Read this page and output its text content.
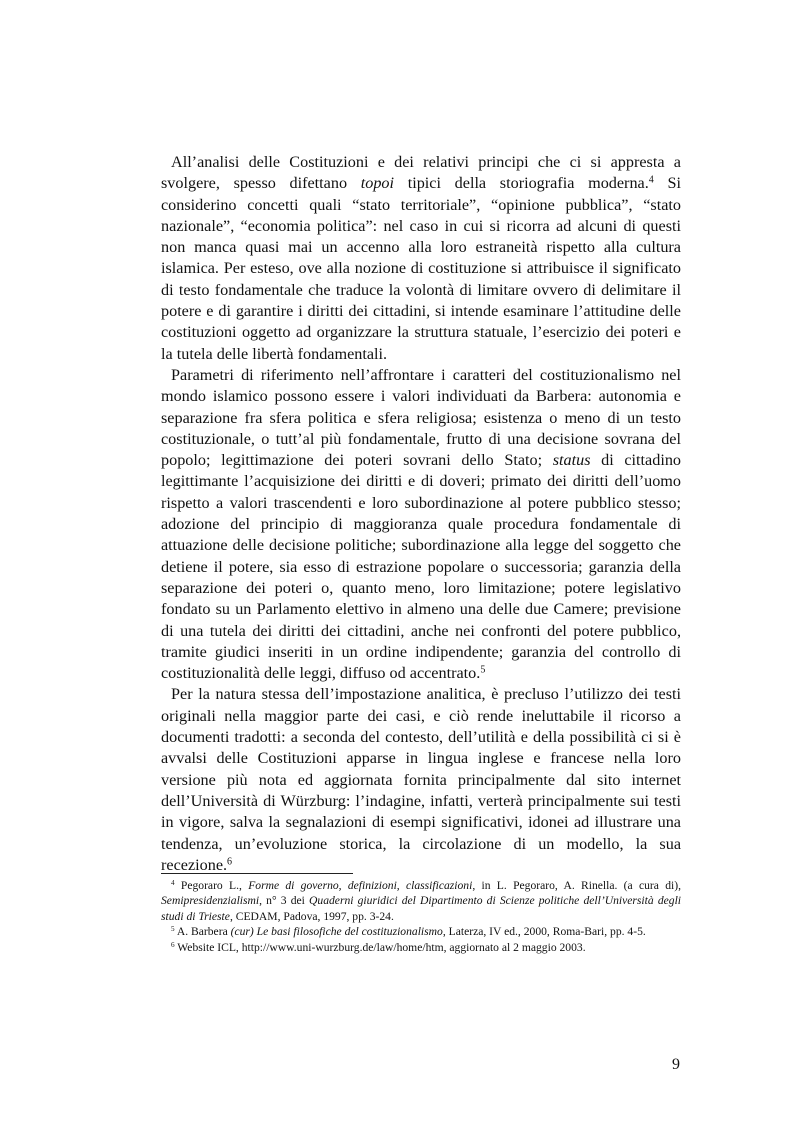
All’analisi delle Costituzioni e dei relativi principi che ci si appresta a svolgere, spesso difettano topoi tipici della storiografia moderna.$^4$ Si considerino concetti quali “stato territoriale”, “opinione pubblica”, “stato nazionale”, “economia politica”: nel caso in cui si ricorra ad alcuni di questi non manca quasi mai un accenno alla loro estraneità rispetto alla cultura islamica. Per esteso, ove alla nozione di costituzione si attribuisce il significato di testo fondamentale che traduce la volontà di limitare ovvero di delimitare il potere e di garantire i diritti dei cittadini, si intende esaminare l’attitudine delle costituzioni oggetto ad organizzare la struttura statuale, l’esercizio dei poteri e la tutela delle libertà fondamentali.

Parametri di riferimento nell’affrontare i caratteri del costituzionalismo nel mondo islamico possono essere i valori individuati da Barbera: autonomia e separazione fra sfera politica e sfera religiosa; esistenza o meno di un testo costituzionale, o tutt’al più fondamentale, frutto di una decisione sovrana del popolo; legittimazione dei poteri sovrani dello Stato; status di cittadino legittimante l’acquisizione dei diritti e di doveri; primato dei diritti dell’uomo rispetto a valori trascendenti e loro subordinazione al potere pubblico stesso; adozione del principio di maggioranza quale procedura fondamentale di attuazione delle decisione politiche; subordinazione alla legge del soggetto che detiene il potere, sia esso di estrazione popolare o successoria; garanzia della separazione dei poteri o, quanto meno, loro limitazione; potere legislativo fondato su un Parlamento elettivo in almeno una delle due Camere; previsione di una tutela dei diritti dei cittadini, anche nei confronti del potere pubblico, tramite giudici inseriti in un ordine indipendente; garanzia del controllo di costituzionalità delle leggi, diffuso od accentrato.$^5$

Per la natura stessa dell’impostazione analitica, è precluso l’utilizzo dei testi originali nella maggior parte dei casi, e ciò rende ineluttabile il ricorso a documenti tradotti: a seconda del contesto, dell’utilità e della possibilità ci si è avvalsi delle Costituzioni apparse in lingua inglese e francese nella loro versione più nota ed aggiornata fornita principalmente dal sito internet dell’Università di Würzburg: l’indagine, infatti, verterà principalmente sui testi in vigore, salva la segnalazioni di esempi significativi, idonei ad illustrare una tendenza, un’evoluzione storica, la circolazione di un modello, la sua recezione.$^6$

$^4$ Pegoraro L., Forme di governo, definizioni, classificazioni, in L. Pegoraro, A. Rinella. (a cura di), Semipresidenzialismi, n° 3 dei Quaderni giuridici del Dipartimento di Scienze politiche dell’Università degli studi di Trieste, CEDAM, Padova, 1997, pp. 3-24.

$^5$ A. Barbera (cur) Le basi filosofiche del costituzionalismo, Laterza, IV ed., 2000, Roma-Bari, pp. 4-5.

$^6$ Website ICL, http://www.uni-wurzburg.de/law/home/htm, aggiornato al 2 maggio 2003.

9
